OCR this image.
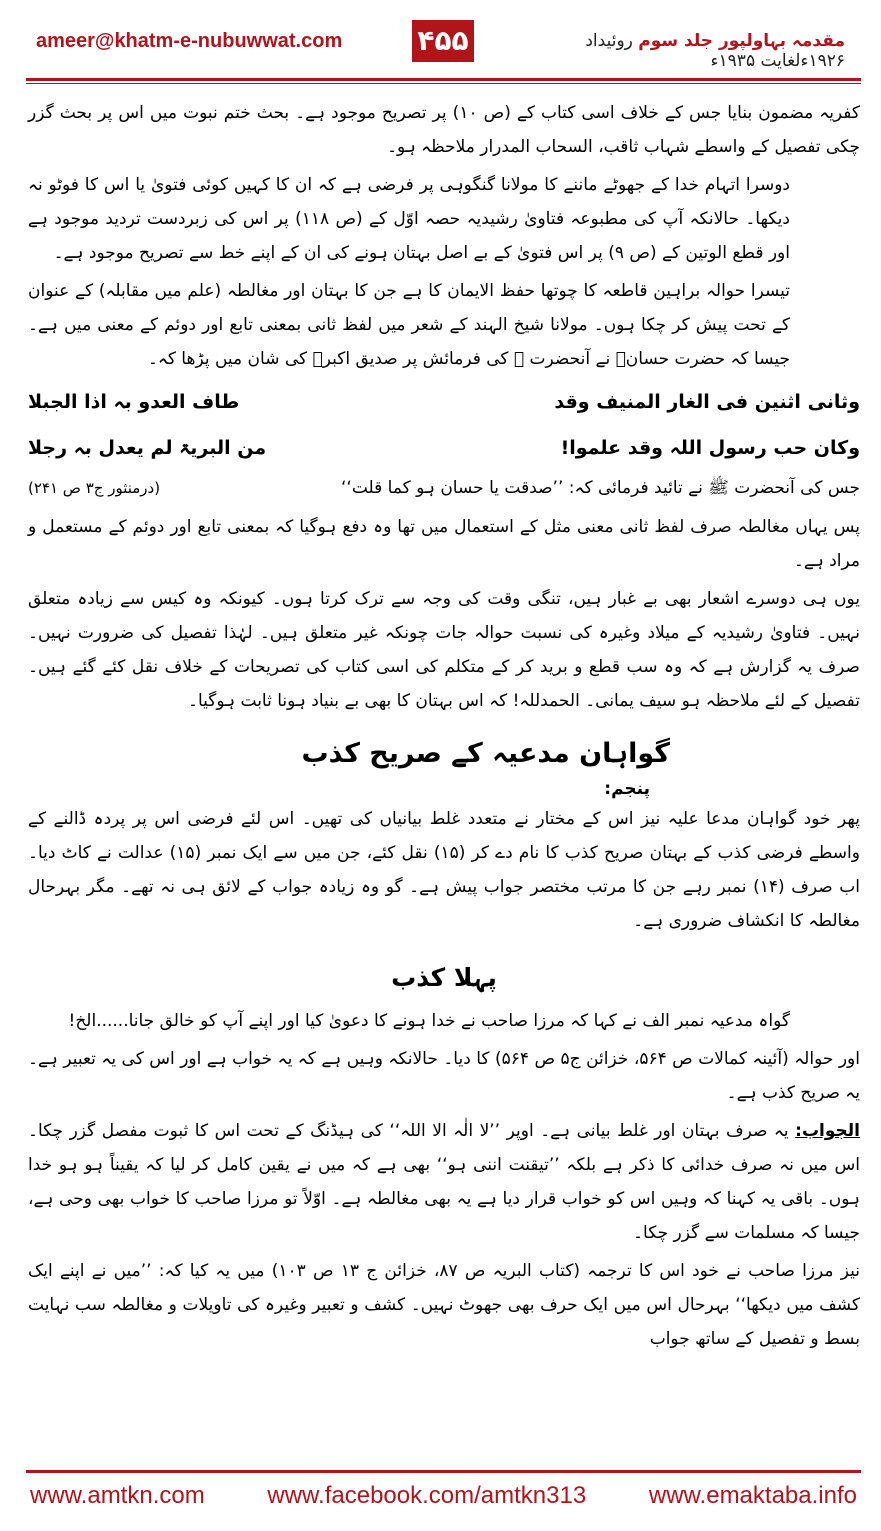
ameer@khatm-e-nubuwwat.com	۴۵۵	مقدمہ بہاولپور جلد سوم روئیداد ۱۹۲۶ءلغایت ۱۹۳۵ء

کفریہ مضمون بنایا جس کے خلاف اسی کتاب کے (ص ۱۰) پر تصریح موجود ہے۔ بحث ختم نبوت میں اس پر بحث گزر چکی تفصیل کے واسطے شہاب ثاقب، السحاب المدرار ملاحظہ ہو۔

دوسرا اتہام خدا کے جھوٹے ماننے کا مولانا گنگوہی پر فرضی ہے کہ ان کا کہیں کوئی فتویٰ یا اس کا فوٹو نہ دیکھا۔ حالانکہ آپ کی مطبوعہ فتاویٰ رشیدیہ حصہ اوّل کے (ص ۱۱۸) پر اس کی زبردست تردید موجود ہے اور قطع الوتین کے (ص ۹) پر اس فتویٰ کے بے اصل بہتان ہونے کی ان کے اپنے خط سے تصریح موجود ہے۔

تیسرا حوالہ براہین قاطعہ کا چوتھا حفظ الایمان کا ہے جن کا بہتان اور مغالطہ (علم میں مقابلہ) کے عنوان کے تحت پیش کر چکا ہوں۔ مولانا شیخ الہند کے شعر میں لفظ ثانی بمعنی تابع اور دوئم کے معنی میں ہے۔ جیسا کہ حضرت حسانؓ نے آنحضرت ﷺ کی فرمائش پر صدیق اکبرؓ کی شان میں پڑھا کہ۔

وثانی اثنین فی الغار المنیف وقد
طاف العدو بہ اذا الجبلا
وکان حب رسول اللہ وقد علموا!
من البریۃ لم یعدل بہ رجلا
جس کی آنحضرت ﷺ نے تائید فرمائی کہ: ’’صدقت یا حسان ہو کما قلت‘‘
(درمنثور ج۳ ص ۲۴۱)

پس یہاں مغالطہ صرف لفظ ثانی معنی مثل کے استعمال میں تھا وہ دفع ہوگیا کہ بمعنی تابع اور دوئم کے مستعمل و مراد ہے۔

یوں ہی دوسرے اشعار بھی بے غبار ہیں، تنگی وقت کی وجہ سے ترک کرتا ہوں۔ کیونکہ وہ کیس سے زیادہ متعلق نہیں۔ فتاویٰ رشیدیہ کے میلاد وغیرہ کی نسبت حوالہ جات چونکہ غیر متعلق ہیں۔ لہٰذا تفصیل کی ضرورت نہیں۔ صرف یہ گزارش ہے کہ وہ سب قطع و برید کر کے متکلم کی اسی کتاب کی تصریحات کے خلاف نقل کئے گئے ہیں۔ تفصیل کے لئے ملاحظہ ہو سیف یمانی۔ الحمدللہ! کہ اس بہتان کا بھی بے بنیاد ہونا ثابت ہوگیا۔

گواہان مدعیہ کے صریح کذب
پنجم:

پھر خود گواہان مدعا علیہ نیز اس کے مختار نے متعدد غلط بیانیاں کی تھیں۔ اس لئے فرضی اس پر پردہ ڈالنے کے واسطے فرضی کذب کے بہتان صریح کذب کا نام دے کر (۱۵) نقل کئے، جن میں سے ایک نمبر (۱۵) عدالت نے کاٹ دیا۔ اب صرف (۱۴) نمبر رہے جن کا مرتب مختصر جواب پیش ہے۔ گو وہ زیادہ جواب کے لائق ہی نہ تھے۔ مگر بہرحال مغالطہ کا انکشاف ضروری ہے۔

پہلا کذب

گواہ مدعیہ نمبر الف نے کہا کہ مرزا صاحب نے خدا ہونے کا دعویٰ کیا اور اپنے آپ کو خالق جانا......الخ!

اور حوالہ (آئینہ کمالات ص ۵۶۴، خزائن ج۵ ص ۵۶۴) کا دیا۔ حالانکہ وہیں ہے کہ یہ خواب ہے اور اس کی یہ تعبیر ہے۔ یہ صریح کذب ہے۔

الجواب: یہ صرف بہتان اور غلط بیانی ہے۔ اوپر ’’لا الٰہ الا اللہ‘‘ کی ہیڈنگ کے تحت اس کا ثبوت مفصل گزر چکا۔ اس میں نہ صرف خدائی کا ذکر ہے بلکہ ’’تیقنت اننی ہو‘‘ بھی ہے کہ میں نے یقین کامل کر لیا کہ یقیناً ہو ہو خدا ہوں۔ باقی یہ کہنا کہ وہیں اس کو خواب قرار دیا ہے یہ بھی مغالطہ ہے۔ اوّلاً تو مرزا صاحب کا خواب بھی وحی ہے، جیسا کہ مسلمات سے گزر چکا۔

نیز مرزا صاحب نے خود اس کا ترجمہ (کتاب البریہ ص ۸۷، خزائن ج ۱۳ ص ۱۰۳) میں یہ کیا کہ: ’’میں نے اپنے ایک کشف میں دیکھا‘‘ بہرحال اس میں ایک حرف بھی جھوٹ نہیں۔ کشف و تعبیر وغیرہ کی تاویلات و مغالطہ سب نہایت بسط و تفصیل کے ساتھ جواب

www.amtkn.com	www.facebook.com/amtkn313	www.emaktaba.info
